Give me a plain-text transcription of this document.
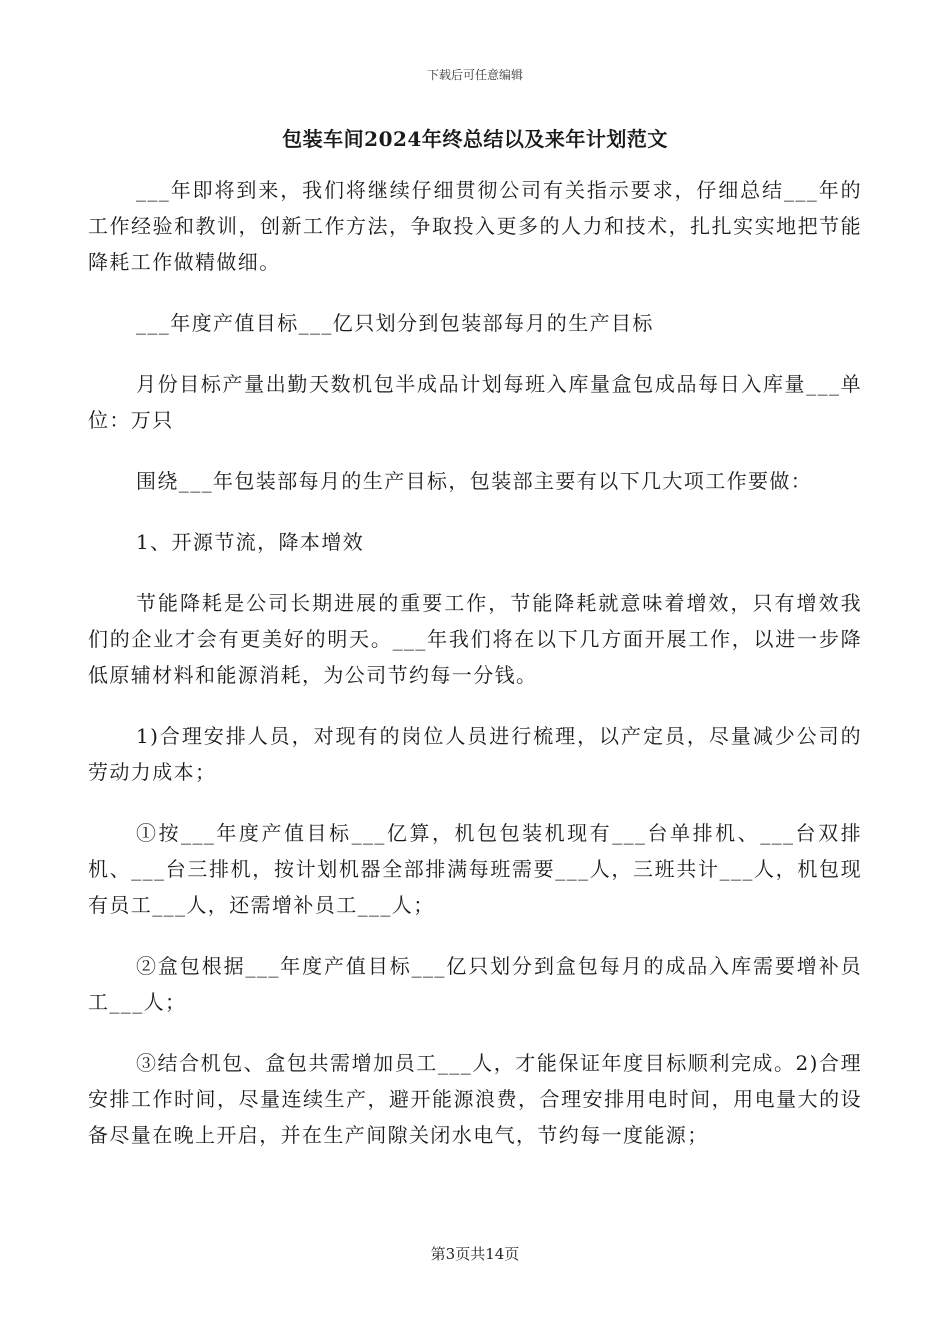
下载后可任意编辑
包装车间2024年终总结以及来年计划范文

___年即将到来，我们将继续仔细贯彻公司有关指示要求，仔细总结___年的工作经验和教训，创新工作方法，争取投入更多的人力和技术，扎扎实实地把节能降耗工作做精做细。

___年度产值目标___亿只划分到包装部每月的生产目标

月份目标产量出勤天数机包半成品计划每班入库量盒包成品每日入库量___单位：万只

围绕___年包装部每月的生产目标，包装部主要有以下几大项工作要做：

1、开源节流，降本增效

节能降耗是公司长期进展的重要工作，节能降耗就意味着增效，只有增效我们的企业才会有更美好的明天。___年我们将在以下几方面开展工作，以进一步降低原辅材料和能源消耗，为公司节约每一分钱。

1)合理安排人员，对现有的岗位人员进行梳理，以产定员，尽量减少公司的劳动力成本；

①按___年度产值目标___亿算，机包包装机现有___台单排机、___台双排机、___台三排机，按计划机器全部排满每班需要___人，三班共计___人，机包现有员工___人，还需增补员工___人；

②盒包根据___年度产值目标___亿只划分到盒包每月的成品入库需要增补员工___人；

③结合机包、盒包共需增加员工___人，才能保证年度目标顺利完成。2)合理安排工作时间，尽量连续生产，避开能源浪费，合理安排用电时间，用电量大的设备尽量在晚上开启，并在生产间隙关闭水电气，节约每一度能源；

第3页共14页
